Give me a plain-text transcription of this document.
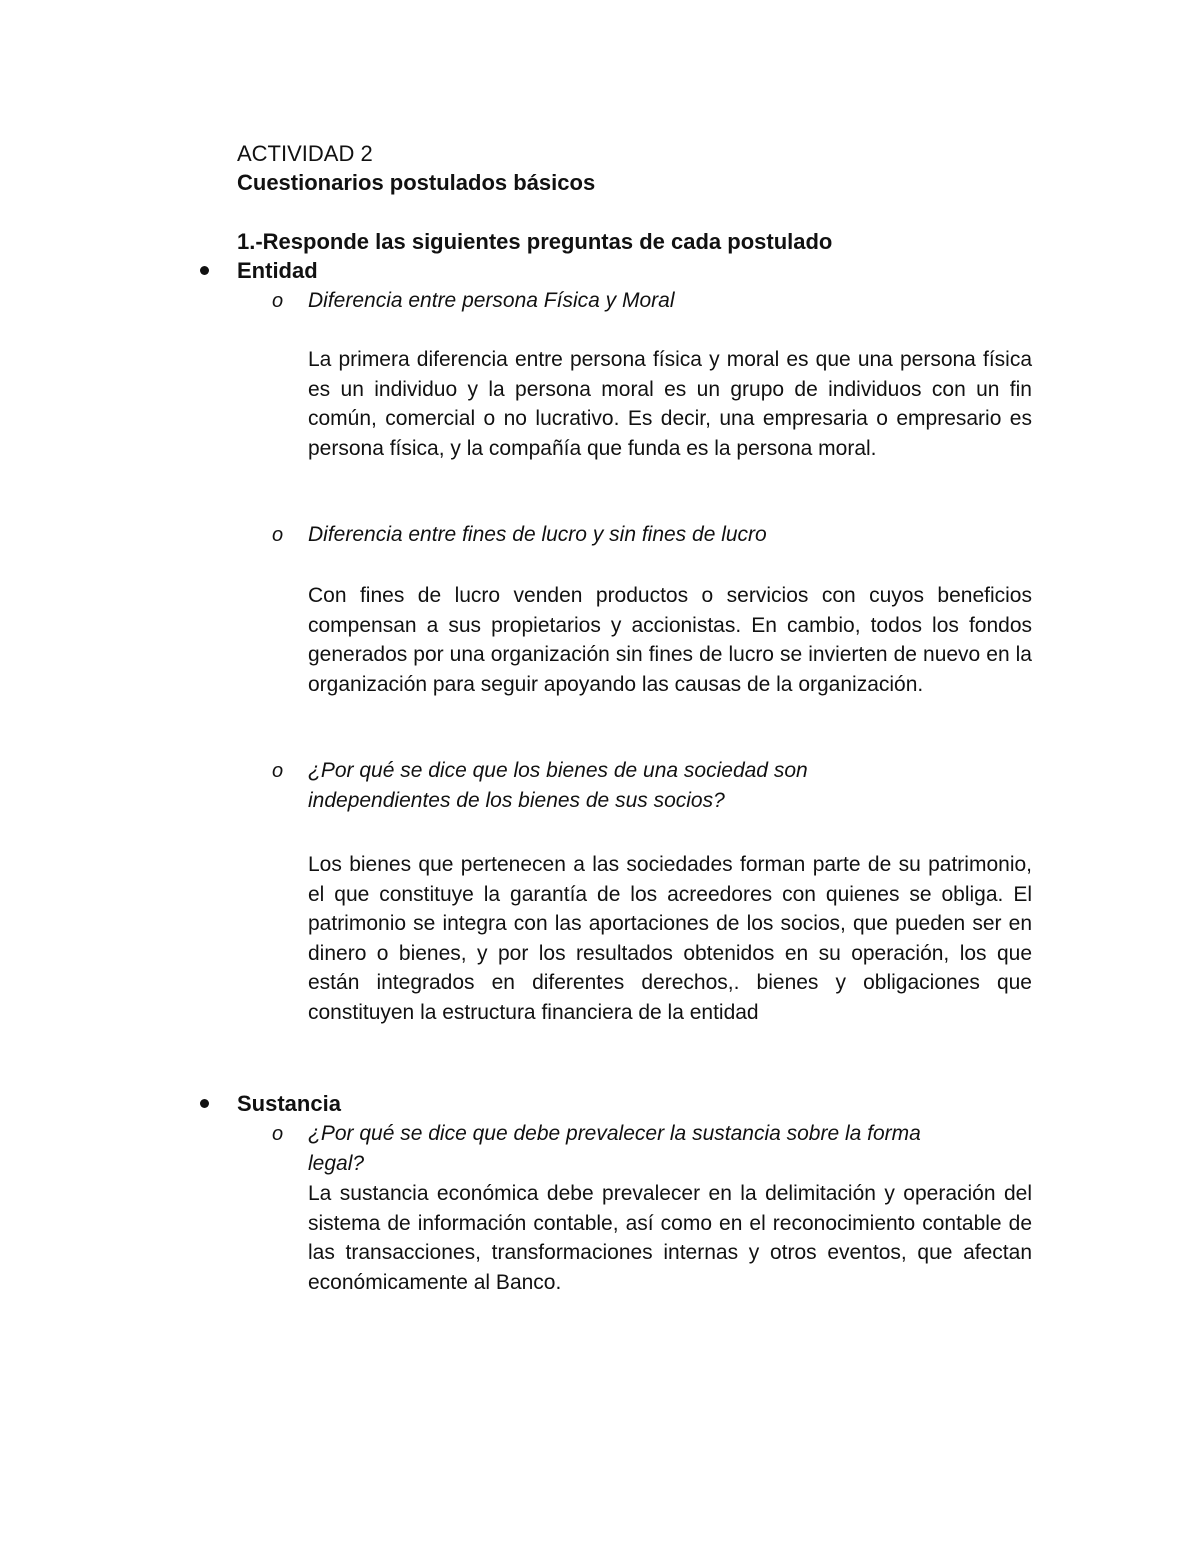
ACTIVIDAD 2
Cuestionarios postulados básicos
1.-Responde las siguientes preguntas de cada postulado
Entidad
o Diferencia entre persona Física y Moral
La primera diferencia entre persona física y moral es que una persona física es un individuo y la persona moral es un grupo de individuos con un fin común, comercial o no lucrativo. Es decir, una empresaria o empresario es persona física, y la compañía que funda es la persona moral.
o Diferencia entre fines de lucro y sin fines de lucro
Con fines de lucro venden productos o servicios con cuyos beneficios compensan a sus propietarios y accionistas. En cambio, todos los fondos generados por una organización sin fines de lucro se invierten de nuevo en la organización para seguir apoyando las causas de la organización.
o ¿Por qué se dice que los bienes de una sociedad son
independientes de los bienes de sus socios?
Los bienes que pertenecen a las sociedades forman parte de su patrimonio, el que constituye la garantía de los acreedores con quienes se obliga. El patrimonio se integra con las aportaciones de los socios, que pueden ser en dinero o bienes, y por los resultados obtenidos en su operación, los que están integrados en diferentes derechos,. bienes y obligaciones que constituyen la estructura financiera de la entidad
Sustancia
o ¿Por qué se dice que debe prevalecer la sustancia sobre la forma
legal?
La sustancia económica debe prevalecer en la delimitación y operación del sistema de información contable, así como en el reconocimiento contable de las transacciones, transformaciones internas y otros eventos, que afectan económicamente al Banco.
